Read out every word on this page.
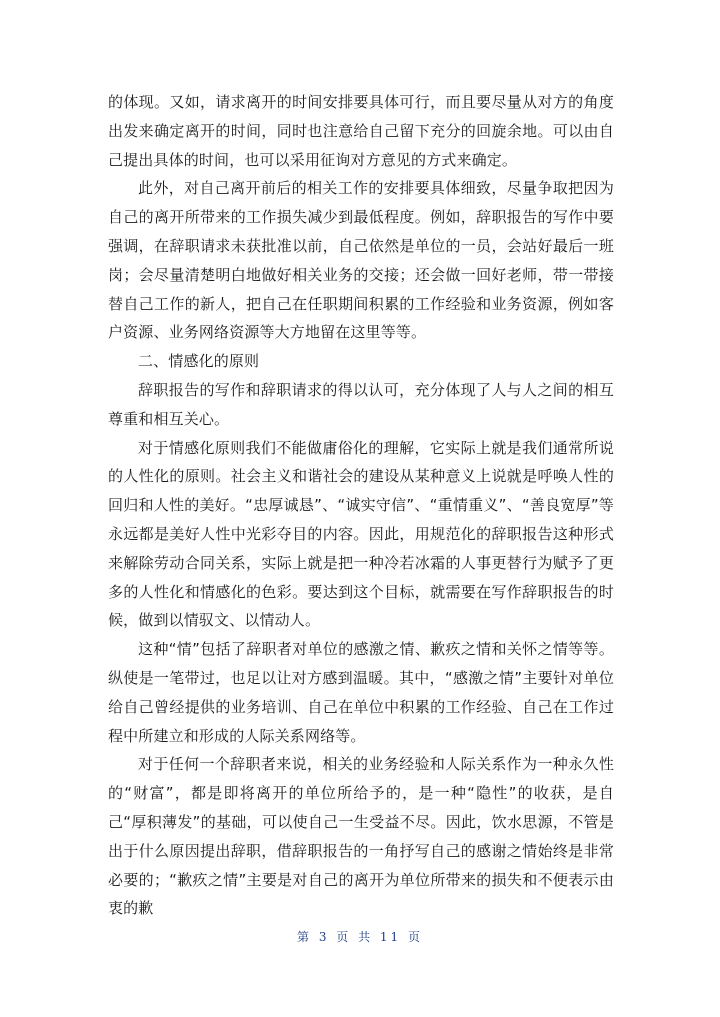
的体现。又如，请求离开的时间安排要具体可行，而且要尽量从对方的角度出发来确定离开的时间，同时也注意给自己留下充分的回旋余地。可以由自己提出具体的时间，也可以采用征询对方意见的方式来确定。

此外，对自己离开前后的相关工作的安排要具体细致，尽量争取把因为自己的离开所带来的工作损失减少到最低程度。例如，辞职报告的写作中要强调，在辞职请求未获批准以前，自己依然是单位的一员，会站好最后一班岗；会尽量清楚明白地做好相关业务的交接；还会做一回好老师，带一带接替自己工作的新人，把自己在任职期间积累的工作经验和业务资源，例如客户资源、业务网络资源等大方地留在这里等等。

二、情感化的原则

辞职报告的写作和辞职请求的得以认可，充分体现了人与人之间的相互尊重和相互关心。

对于情感化原则我们不能做庸俗化的理解，它实际上就是我们通常所说的人性化的原则。社会主义和谐社会的建设从某种意义上说就是呼唤人性的回归和人性的美好。“忠厚诚恳”、“诚实守信”、“重情重义”、“善良宽厚”等永远都是美好人性中光彩夺目的内容。因此，用规范化的辞职报告这种形式来解除劳动合同关系，实际上就是把一种冷若冰霜的人事更替行为赋予了更多的人性化和情感化的色彩。要达到这个目标，就需要在写作辞职报告的时候，做到以情驭文、以情动人。

这种“情”包括了辞职者对单位的感激之情、歉疚之情和关怀之情等等。纵使是一笔带过，也足以让对方感到温暖。其中，“感激之情”主要针对单位给自己曾经提供的业务培训、自己在单位中积累的工作经验、自己在工作过程中所建立和形成的人际关系网络等。

对于任何一个辞职者来说，相关的业务经验和人际关系作为一种永久性的“财富”，都是即将离开的单位所给予的，是一种“隐性”的收获，是自己“厚积薄发”的基础，可以使自己一生受益不尽。因此，饮水思源，不管是出于什么原因提出辞职，借辞职报告的一角抒写自己的感谢之情始终是非常必要的；“歉疚之情”主要是对自己的离开为单位所带来的损失和不便表示由衷的歉

第 3 页 共 11 页
